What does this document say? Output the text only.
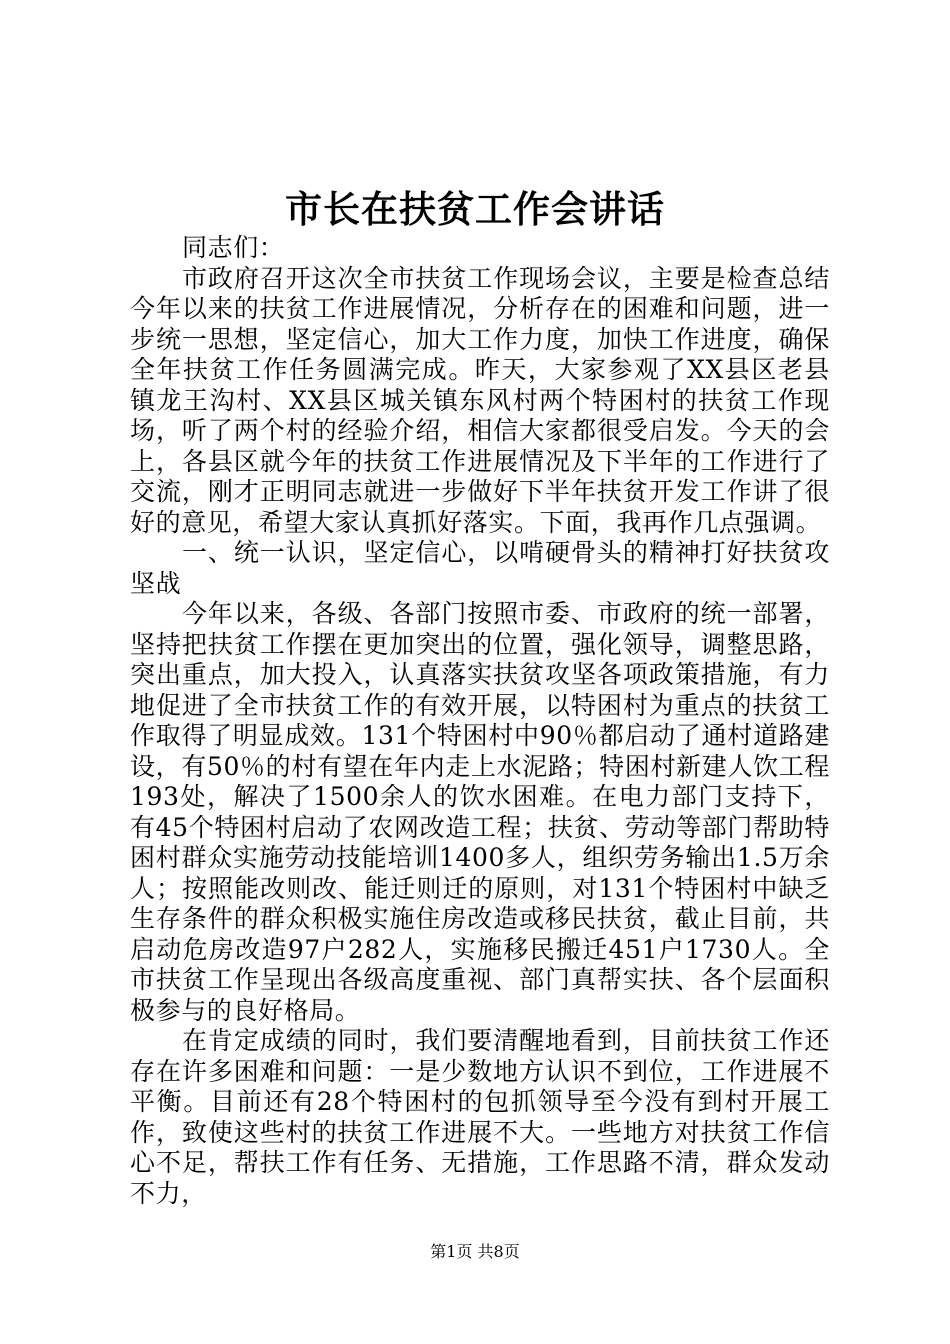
市长在扶贫工作会讲话

同志们：

市政府召开这次全市扶贫工作现场会议，主要是检查总结今年以来的扶贫工作进展情况，分析存在的困难和问题，进一步统一思想，坚定信心，加大工作力度，加快工作进度，确保全年扶贫工作任务圆满完成。昨天，大家参观了XX县区老县镇龙王沟村、XX县区城关镇东风村两个特困村的扶贫工作现场，听了两个村的经验介绍，相信大家都很受启发。今天的会上，各县区就今年的扶贫工作进展情况及下半年的工作进行了交流，刚才正明同志就进一步做好下半年扶贫开发工作讲了很好的意见，希望大家认真抓好落实。下面，我再作几点强调。

一、统一认识，坚定信心，以啃硬骨头的精神打好扶贫攻坚战

今年以来，各级、各部门按照市委、市政府的统一部署，坚持把扶贫工作摆在更加突出的位置，强化领导，调整思路，突出重点，加大投入，认真落实扶贫攻坚各项政策措施，有力地促进了全市扶贫工作的有效开展，以特困村为重点的扶贫工作取得了明显成效。131个特困村中90％都启动了通村道路建设，有50％的村有望在年内走上水泥路；特困村新建人饮工程193处，解决了1500余人的饮水困难。在电力部门支持下，有45个特困村启动了农网改造工程；扶贫、劳动等部门帮助特困村群众实施劳动技能培训1400多人，组织劳务输出1.5万余人；按照能改则改、能迁则迁的原则，对131个特困村中缺乏生存条件的群众积极实施住房改造或移民扶贫，截止目前，共启动危房改造97户282人，实施移民搬迁451户1730人。全市扶贫工作呈现出各级高度重视、部门真帮实扶、各个层面积极参与的良好格局。

在肯定成绩的同时，我们要清醒地看到，目前扶贫工作还存在许多困难和问题：一是少数地方认识不到位，工作进展不平衡。目前还有28个特困村的包抓领导至今没有到村开展工作，致使这些村的扶贫工作进展不大。一些地方对扶贫工作信心不足，帮扶工作有任务、无措施，工作思路不清，群众发动不力，

第1页 共8页
